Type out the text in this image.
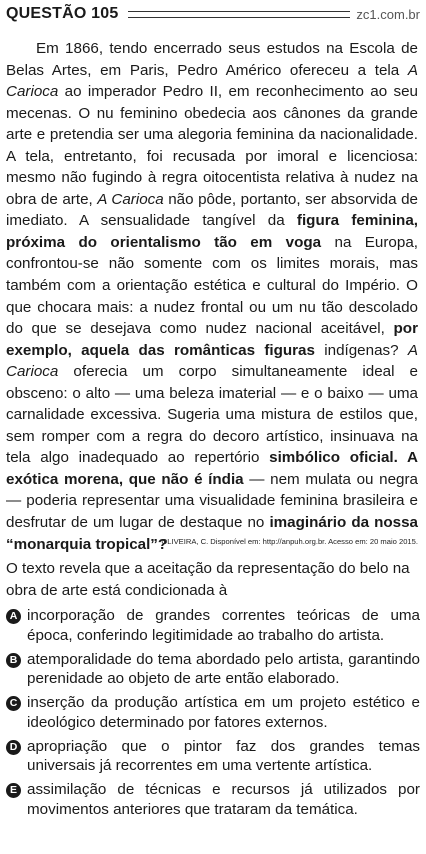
QUESTÃO 105	zc1.com.br

Em 1866, tendo encerrado seus estudos na Escola de Belas Artes, em Paris, Pedro Américo ofereceu a tela A Carioca ao imperador Pedro II, em reconhecimento ao seu mecenas. O nu feminino obedecia aos cânones da grande arte e pretendia ser uma alegoria feminina da nacionalidade. A tela, entretanto, foi recusada por imoral e licenciosa: mesmo não fugindo à regra oitocentista relativa à nudez na obra de arte, A Carioca não pôde, portanto, ser absorvida de imediato. A sensualidade tangível da figura feminina, próxima do orientalismo tão em voga na Europa, confrontou-se não somente com os limites morais, mas também com a orientação estética e cultural do Império. O que chocara mais: a nudez frontal ou um nu tão descolado do que se desejava como nudez nacional aceitável, por exemplo, aquela das românticas figuras indígenas? A Carioca oferecia um corpo simultaneamente ideal e obsceno: o alto — uma beleza imaterial — e o baixo — uma carnalidade excessiva. Sugeria uma mistura de estilos que, sem romper com a regra do decoro artístico, insinuava na tela algo inadequado ao repertório simbólico oficial. A exótica morena, que não é índia — nem mulata ou negra — poderia representar uma visualidade feminina brasileira e desfrutar de um lugar de destaque no imaginário da nossa “monarquia tropical”?

OLIVEIRA, C. Disponível em: http://anpuh.org.br. Acesso em: 20 maio 2015.

O texto revela que a aceitação da representação do belo na obra de arte está condicionada à

A incorporação de grandes correntes teóricas de uma época, conferindo legitimidade ao trabalho do artista.
B atemporalidade do tema abordado pelo artista, garantindo perenidade ao objeto de arte então elaborado.
C inserção da produção artística em um projeto estético e ideológico determinado por fatores externos.
D apropriação que o pintor faz dos grandes temas universais já recorrentes em uma vertente artística.
E assimilação de técnicas e recursos já utilizados por movimentos anteriores que trataram da temática.
